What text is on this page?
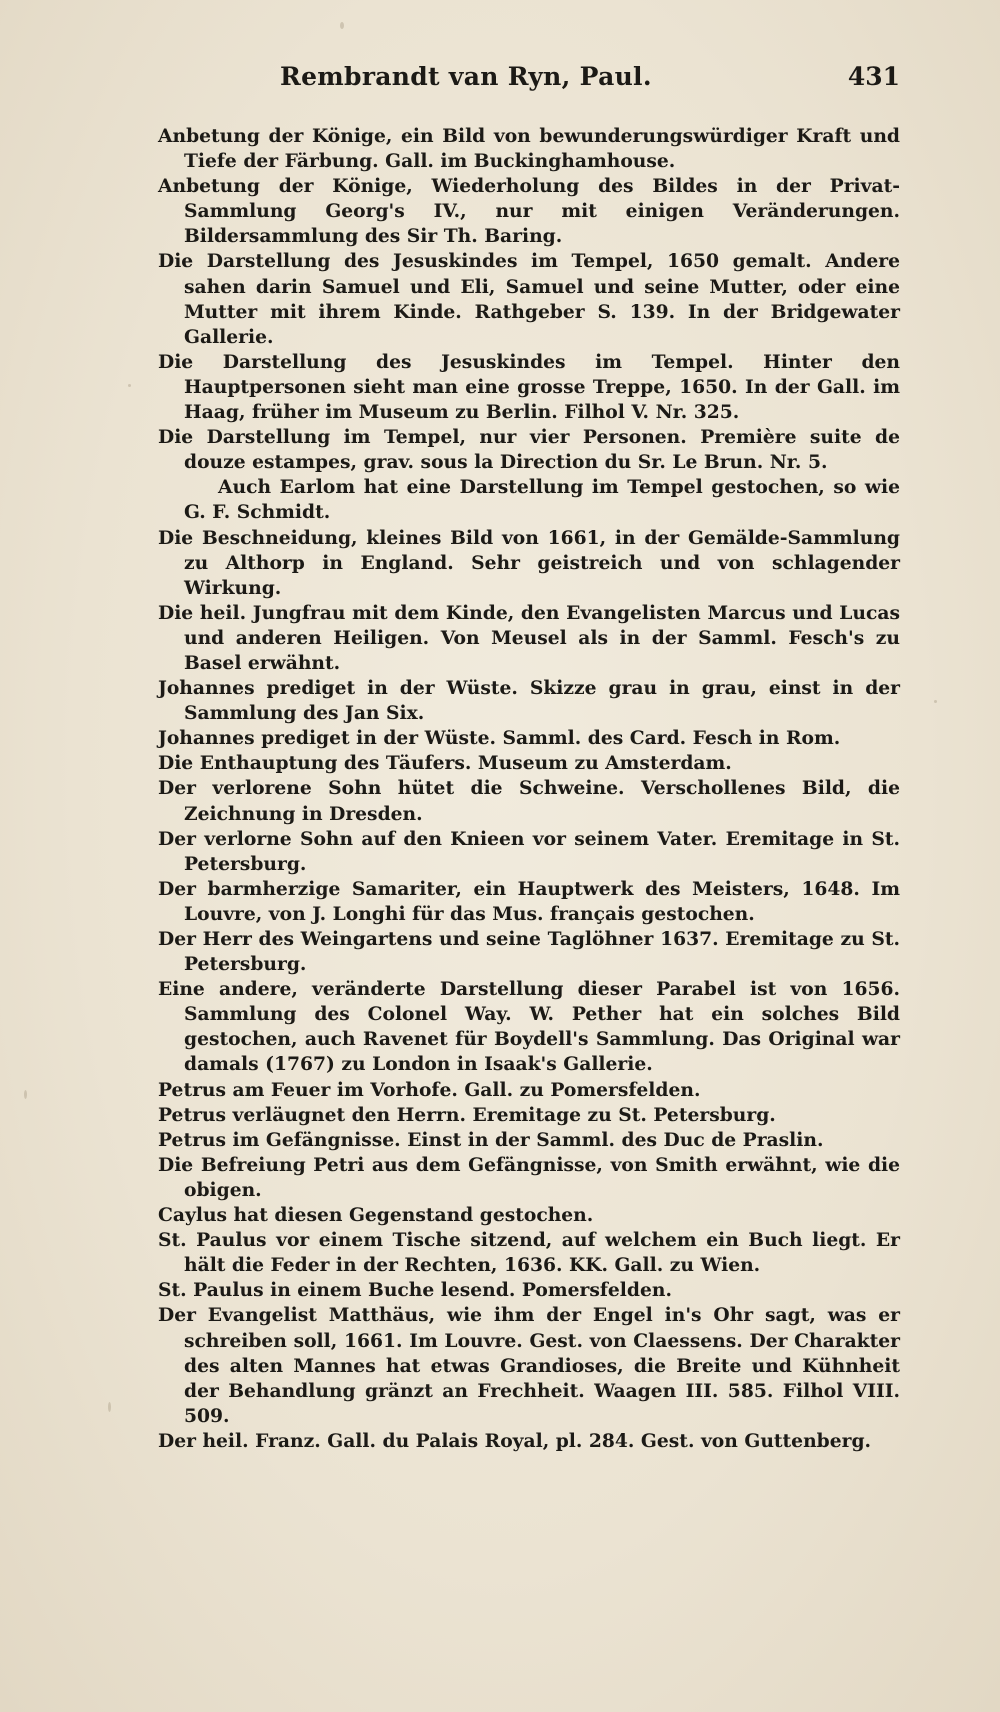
Rembrandt van Ryn, Paul.	431
Anbetung der Könige, ein Bild von bewunderungswürdiger Kraft und Tiefe der Färbung. Gall. im Buckinghamhouse.
Anbetung der Könige, Wiederholung des Bildes in der Privat-Sammlung Georg's IV., nur mit einigen Veränderungen. Bildersammlung des Sir Th. Baring.
Die Darstellung des Jesuskindes im Tempel, 1650 gemalt. Andere sahen darin Samuel und Eli, Samuel und seine Mutter, oder eine Mutter mit ihrem Kinde. Rathgeber S. 139. In der Bridgewater Gallerie.
Die Darstellung des Jesuskindes im Tempel. Hinter den Hauptpersonen sieht man eine grosse Treppe, 1650. In der Gall. im Haag, früher im Museum zu Berlin. Filhol V. Nr. 325.
Die Darstellung im Tempel, nur vier Personen. Première suite de douze estampes, grav. sous la Direction du Sr. Le Brun. Nr. 5.
Auch Earlom hat eine Darstellung im Tempel gestochen, so wie G. F. Schmidt.
Die Beschneidung, kleines Bild von 1661, in der Gemälde-Sammlung zu Althorp in England. Sehr geistreich und von schlagender Wirkung.
Die heil. Jungfrau mit dem Kinde, den Evangelisten Marcus und Lucas und anderen Heiligen. Von Meusel als in der Samml. Fesch's zu Basel erwähnt.
Johannes prediget in der Wüste. Skizze grau in grau, einst in der Sammlung des Jan Six.
Johannes prediget in der Wüste. Samml. des Card. Fesch in Rom.
Die Enthauptung des Täufers. Museum zu Amsterdam.
Der verlorene Sohn hütet die Schweine. Verschollenes Bild, die Zeichnung in Dresden.
Der verlorne Sohn auf den Knieen vor seinem Vater. Eremitage in St. Petersburg.
Der barmherzige Samariter, ein Hauptwerk des Meisters, 1648. Im Louvre, von J. Longhi für das Mus. français gestochen.
Der Herr des Weingartens und seine Taglöhner 1637. Eremitage zu St. Petersburg.
Eine andere, veränderte Darstellung dieser Parabel ist von 1656. Sammlung des Colonel Way. W. Pether hat ein solches Bild gestochen, auch Ravenet für Boydell's Sammlung. Das Original war damals (1767) zu London in Isaak's Gallerie.
Petrus am Feuer im Vorhofe. Gall. zu Pomersfelden.
Petrus verläugnet den Herrn. Eremitage zu St. Petersburg.
Petrus im Gefängnisse. Einst in der Samml. des Duc de Praslin.
Die Befreiung Petri aus dem Gefängnisse, von Smith erwähnt, wie die obigen.
Caylus hat diesen Gegenstand gestochen.
St. Paulus vor einem Tische sitzend, auf welchem ein Buch liegt. Er hält die Feder in der Rechten, 1636. KK. Gall. zu Wien.
St. Paulus in einem Buche lesend. Pomersfelden.
Der Evangelist Matthäus, wie ihm der Engel in's Ohr sagt, was er schreiben soll, 1661. Im Louvre. Gest. von Claessens. Der Charakter des alten Mannes hat etwas Grandioses, die Breite und Kühnheit der Behandlung gränzt an Frechheit. Waagen III. 585. Filhol VIII. 509.
Der heil. Franz. Gall. du Palais Royal, pl. 284. Gest. von Guttenberg.
